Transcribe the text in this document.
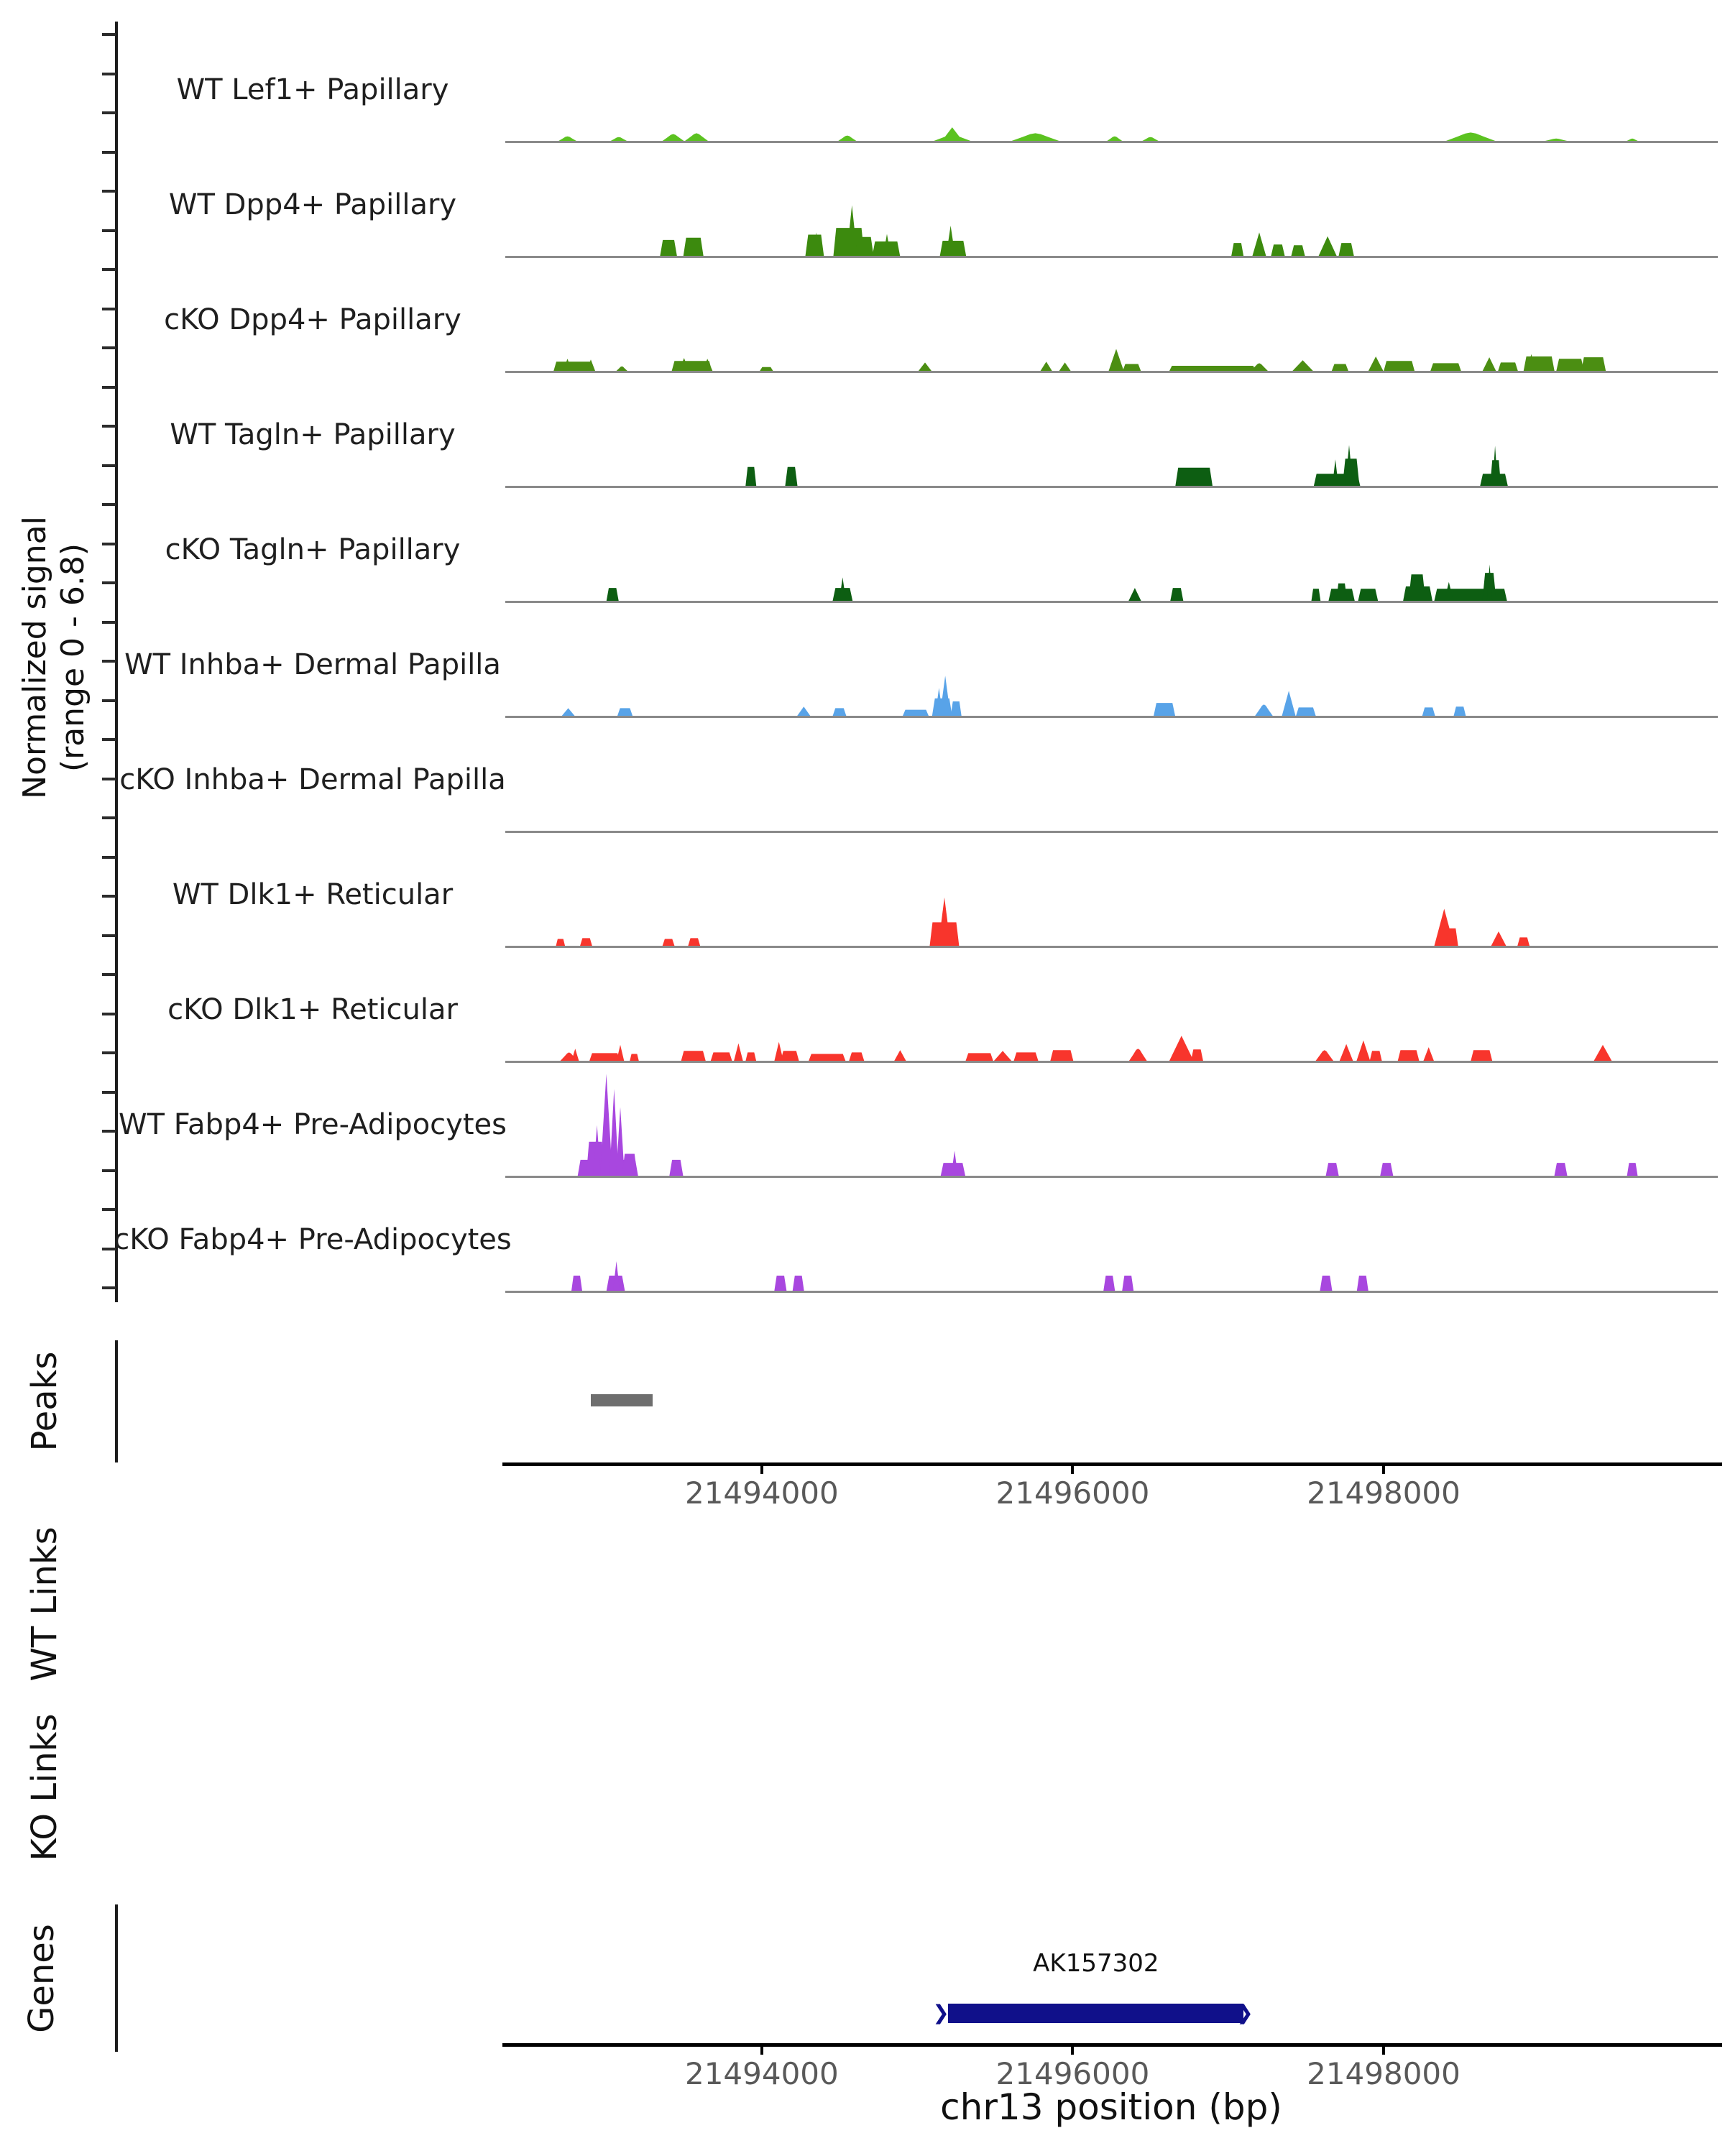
Normalized signal (range 0 - 6.8)
WT Lef1+ Papillary
WT Dpp4+ Papillary
cKO Dpp4+ Papillary
WT Tagln+ Papillary
cKO Tagln+ Papillary
WT Inhba+ Dermal Papilla
cKO Inhba+ Dermal Papilla
WT Dlk1+ Reticular
cKO Dlk1+ Reticular
WT Fabp4+ Pre-Adipocytes
cKO Fabp4+ Pre-Adipocytes
Peaks
21494000	21496000	21498000
WT Links
KO Links
Genes	AK157302
❯	❯
21494000	21496000	21498000
chr13 position (bp)
